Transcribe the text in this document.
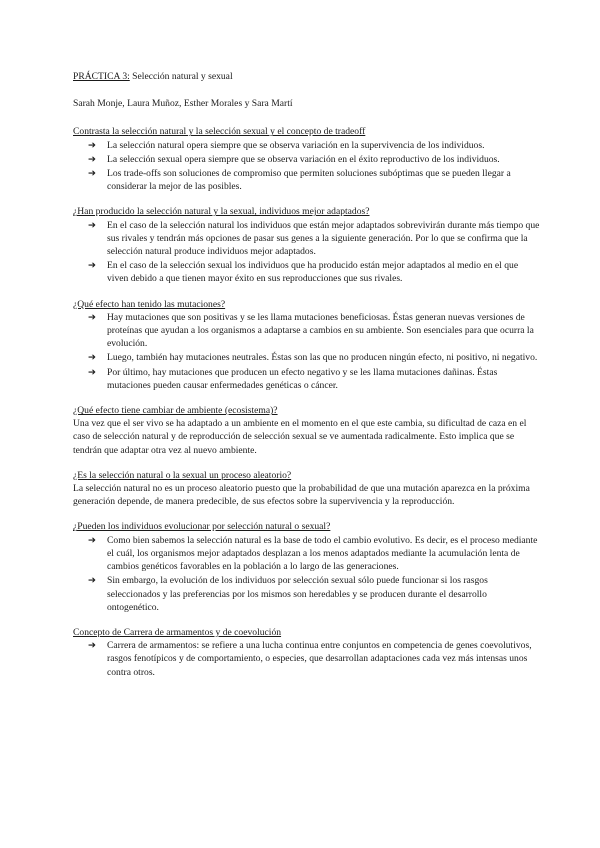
PRÁCTICA 3: Selección natural y sexual

Sarah Monje, Laura Muñoz, Esther Morales y Sara Martí

Contrasta la selección natural y la selección sexual y el concepto de tradeoff

➔ La selección natural opera siempre que se observa variación en la supervivencia de los individuos.
➔ La selección sexual opera siempre que se observa variación en el éxito reproductivo de los individuos.
➔ Los trade-offs son soluciones de compromiso que permiten soluciones subóptimas que se pueden llegar a considerar la mejor de las posibles.

¿Han producido la selección natural y la sexual, individuos mejor adaptados?

➔ En el caso de la selección natural los individuos que están mejor adaptados sobrevivirán durante más tiempo que sus rivales y tendrán más opciones de pasar sus genes a la siguiente generación. Por lo que se confirma que la selección natural produce individuos mejor adaptados.
➔ En el caso de la selección sexual los individuos que ha producido están mejor adaptados al medio en el que viven debido a que tienen mayor éxito en sus reproducciones que sus rivales.

¿Qué efecto han tenido las mutaciones?

➔ Hay mutaciones que son positivas y se les llama mutaciones beneficiosas. Éstas generan nuevas versiones de proteínas que ayudan a los organismos a adaptarse a cambios en su ambiente. Son esenciales para que ocurra la evolución.
➔ Luego, también hay mutaciones neutrales. Éstas son las que no producen ningún efecto, ni positivo, ni negativo.
➔ Por último, hay mutaciones que producen un efecto negativo y se les llama mutaciones dañinas. Éstas mutaciones pueden causar enfermedades genéticas o cáncer.

¿Qué efecto tiene cambiar de ambiente (ecosistema)?

Una vez que el ser vivo se ha adaptado a un ambiente en el momento en el que este cambia, su dificultad de caza en el caso de selección natural y de reproducción de selección sexual se ve aumentada radicalmente. Esto implica que se tendrán que adaptar otra vez al nuevo ambiente.

¿Es la selección natural o la sexual un proceso aleatorio?

La selección natural no es un proceso aleatorio puesto que la probabilidad de que una mutación aparezca en la próxima generación depende, de manera predecible, de sus efectos sobre la supervivencia y la reproducción.

¿Pueden los individuos evolucionar por selección natural o sexual?

➔ Como bien sabemos la selección natural es la base de todo el cambio evolutivo. Es decir, es el proceso mediante el cuál, los organismos mejor adaptados desplazan a los menos adaptados mediante la acumulación lenta de cambios genéticos favorables en la población a lo largo de las generaciones.
➔ Sin embargo, la evolución de los individuos por selección sexual sólo puede funcionar si los rasgos seleccionados y las preferencias por los mismos son heredables y se producen durante el desarrollo ontogenético.

Concepto de Carrera de armamentos y de coevolución

➔ Carrera de armamentos: se refiere a una lucha continua entre conjuntos en competencia de genes coevolutivos, rasgos fenotípicos y de comportamiento, o especies, que desarrollan adaptaciones cada vez más intensas unos contra otros.
